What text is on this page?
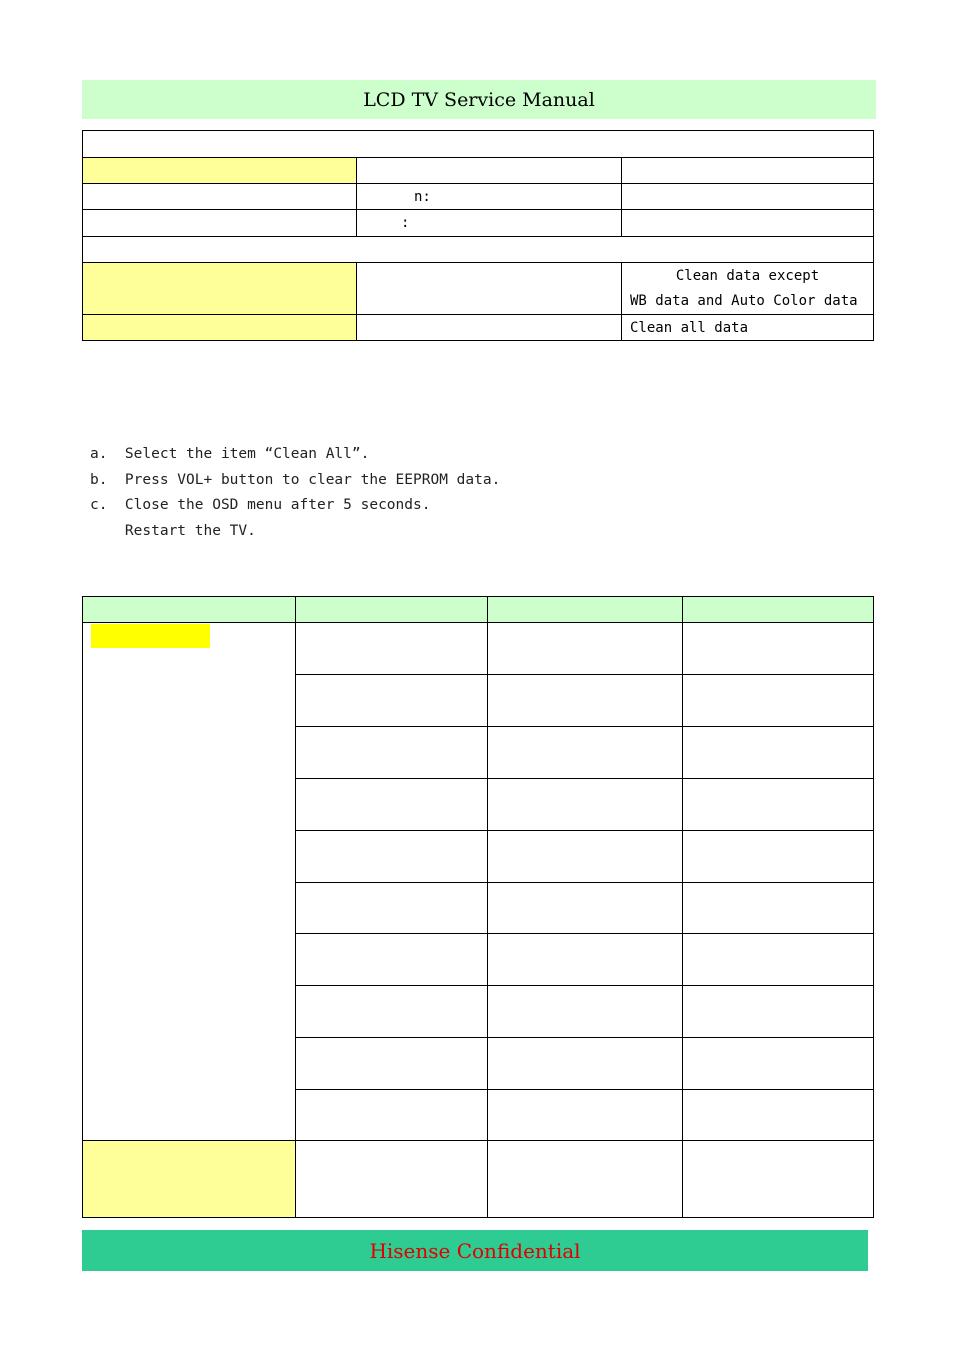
LCD TV Service Manual
n:
:
Clean data except
WB data and Auto Color data
Clean all data
a.  Select the item “Clean All”.
b.  Press VOL+ button to clear the EEPROM data.
c.  Close the OSD menu after 5 seconds.
Restart the TV.
Hisense Confidential
